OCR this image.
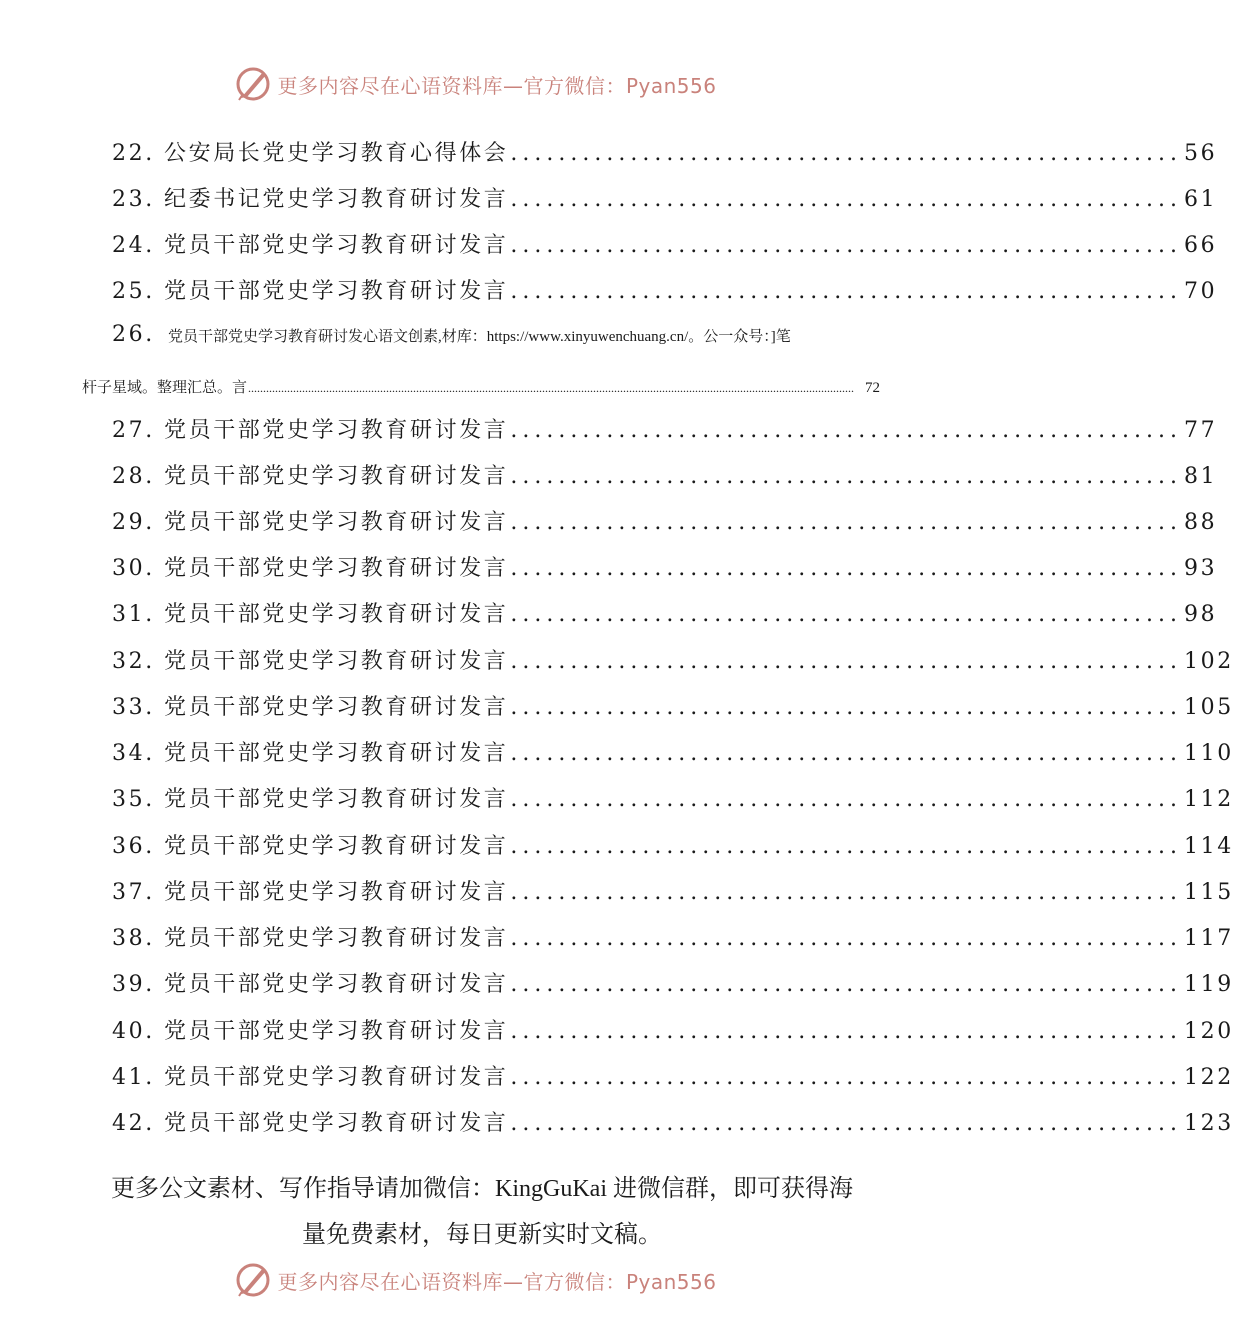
更多内容尽在心语资料库—官方微信：Pyan556
22. 公安局长党史学习教育心得体会 ........................................................ 56
23. 纪委书记党史学习教育研讨发言 ........................................................ 61
24. 党员干部党史学习教育研讨发言 ........................................................ 66
25. 党员干部党史学习教育研讨发言 ........................................................ 70
26. 党员干部党史学习教育研讨发心语文创素,材库：https://www.xinyuwenchuang.cn/。公一众号：]笔
杆子星域。整理汇总。言 .......................................................................................................................................................................................................... 72
27. 党员干部党史学习教育研讨发言 ........................................................ 77
28. 党员干部党史学习教育研讨发言 ........................................................ 81
29. 党员干部党史学习教育研讨发言 ........................................................ 88
30. 党员干部党史学习教育研讨发言 ........................................................ 93
31. 党员干部党史学习教育研讨发言 ........................................................ 98
32. 党员干部党史学习教育研讨发言 ........................................................ 102
33. 党员干部党史学习教育研讨发言 ........................................................ 105
34. 党员干部党史学习教育研讨发言 ........................................................ 110
35. 党员干部党史学习教育研讨发言 ........................................................ 112
36. 党员干部党史学习教育研讨发言 ........................................................ 114
37. 党员干部党史学习教育研讨发言 ........................................................ 115
38. 党员干部党史学习教育研讨发言 ........................................................ 117
39. 党员干部党史学习教育研讨发言 ........................................................ 119
40. 党员干部党史学习教育研讨发言 ........................................................ 120
41. 党员干部党史学习教育研讨发言 ........................................................ 122
42. 党员干部党史学习教育研讨发言 ........................................................ 123
更多公文素材、写作指导请加微信：KingGuKai 进微信群，即可获得海
量免费素材，每日更新实时文稿。
更多内容尽在心语资料库—官方微信：Pyan556
